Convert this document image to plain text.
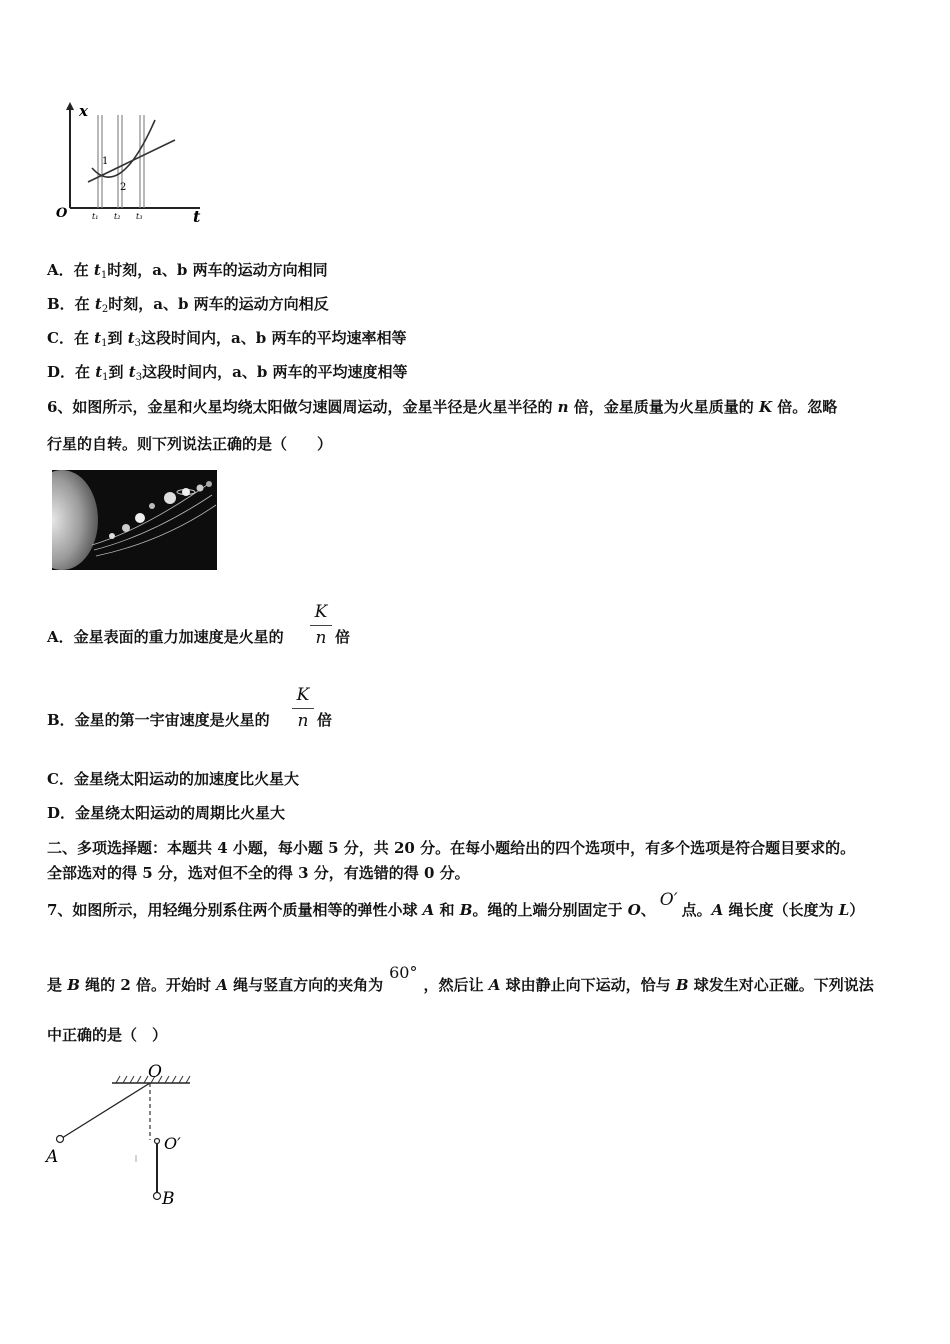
x
t
O
1
2
t₁ t₂ t₃
A．在 $t_1$时刻，a、b 两车的运动方向相同
B．在 $t_2$时刻，a、b 两车的运动方向相反
C．在 $t_1$到 $t_3$这段时间内，a、b 两车的平均速率相等
D．在 $t_1$到 $t_3$这段时间内，a、b 两车的平均速度相等
6、如图所示，金星和火星均绕太阳做匀速圆周运动，金星半径是火星半径的 n 倍，金星质量为火星质量的 K 倍。忽略
行星的自转。则下列说法正确的是（　　）
A．金星表面的重力加速度是火星的
K
n 倍
B．金星的第一宇宙速度是火星的
K
n 倍
C．金星绕太阳运动的加速度比火星大
D．金星绕太阳运动的周期比火星大
二、多项选择题：本题共 4 小题，每小题 5 分，共 20 分。在每小题给出的四个选项中，有多个选项是符合题目要求的。
全部选对的得 5 分，选对但不全的得 3 分，有选错的得 0 分。
7、如图所示，用轻绳分别系住两个质量相等的弹性小球 A 和 B。绳的上端分别固定于 O、 O′ 点。A 绳长度（长度为 L）
是 B 绳的 2 倍。开始时 A 绳与竖直方向的夹角为60°，然后让 A 球由静止向下运动，恰与 B 球发生对心正碰。下列说法
中正确的是（　）
O
O′
A
B
